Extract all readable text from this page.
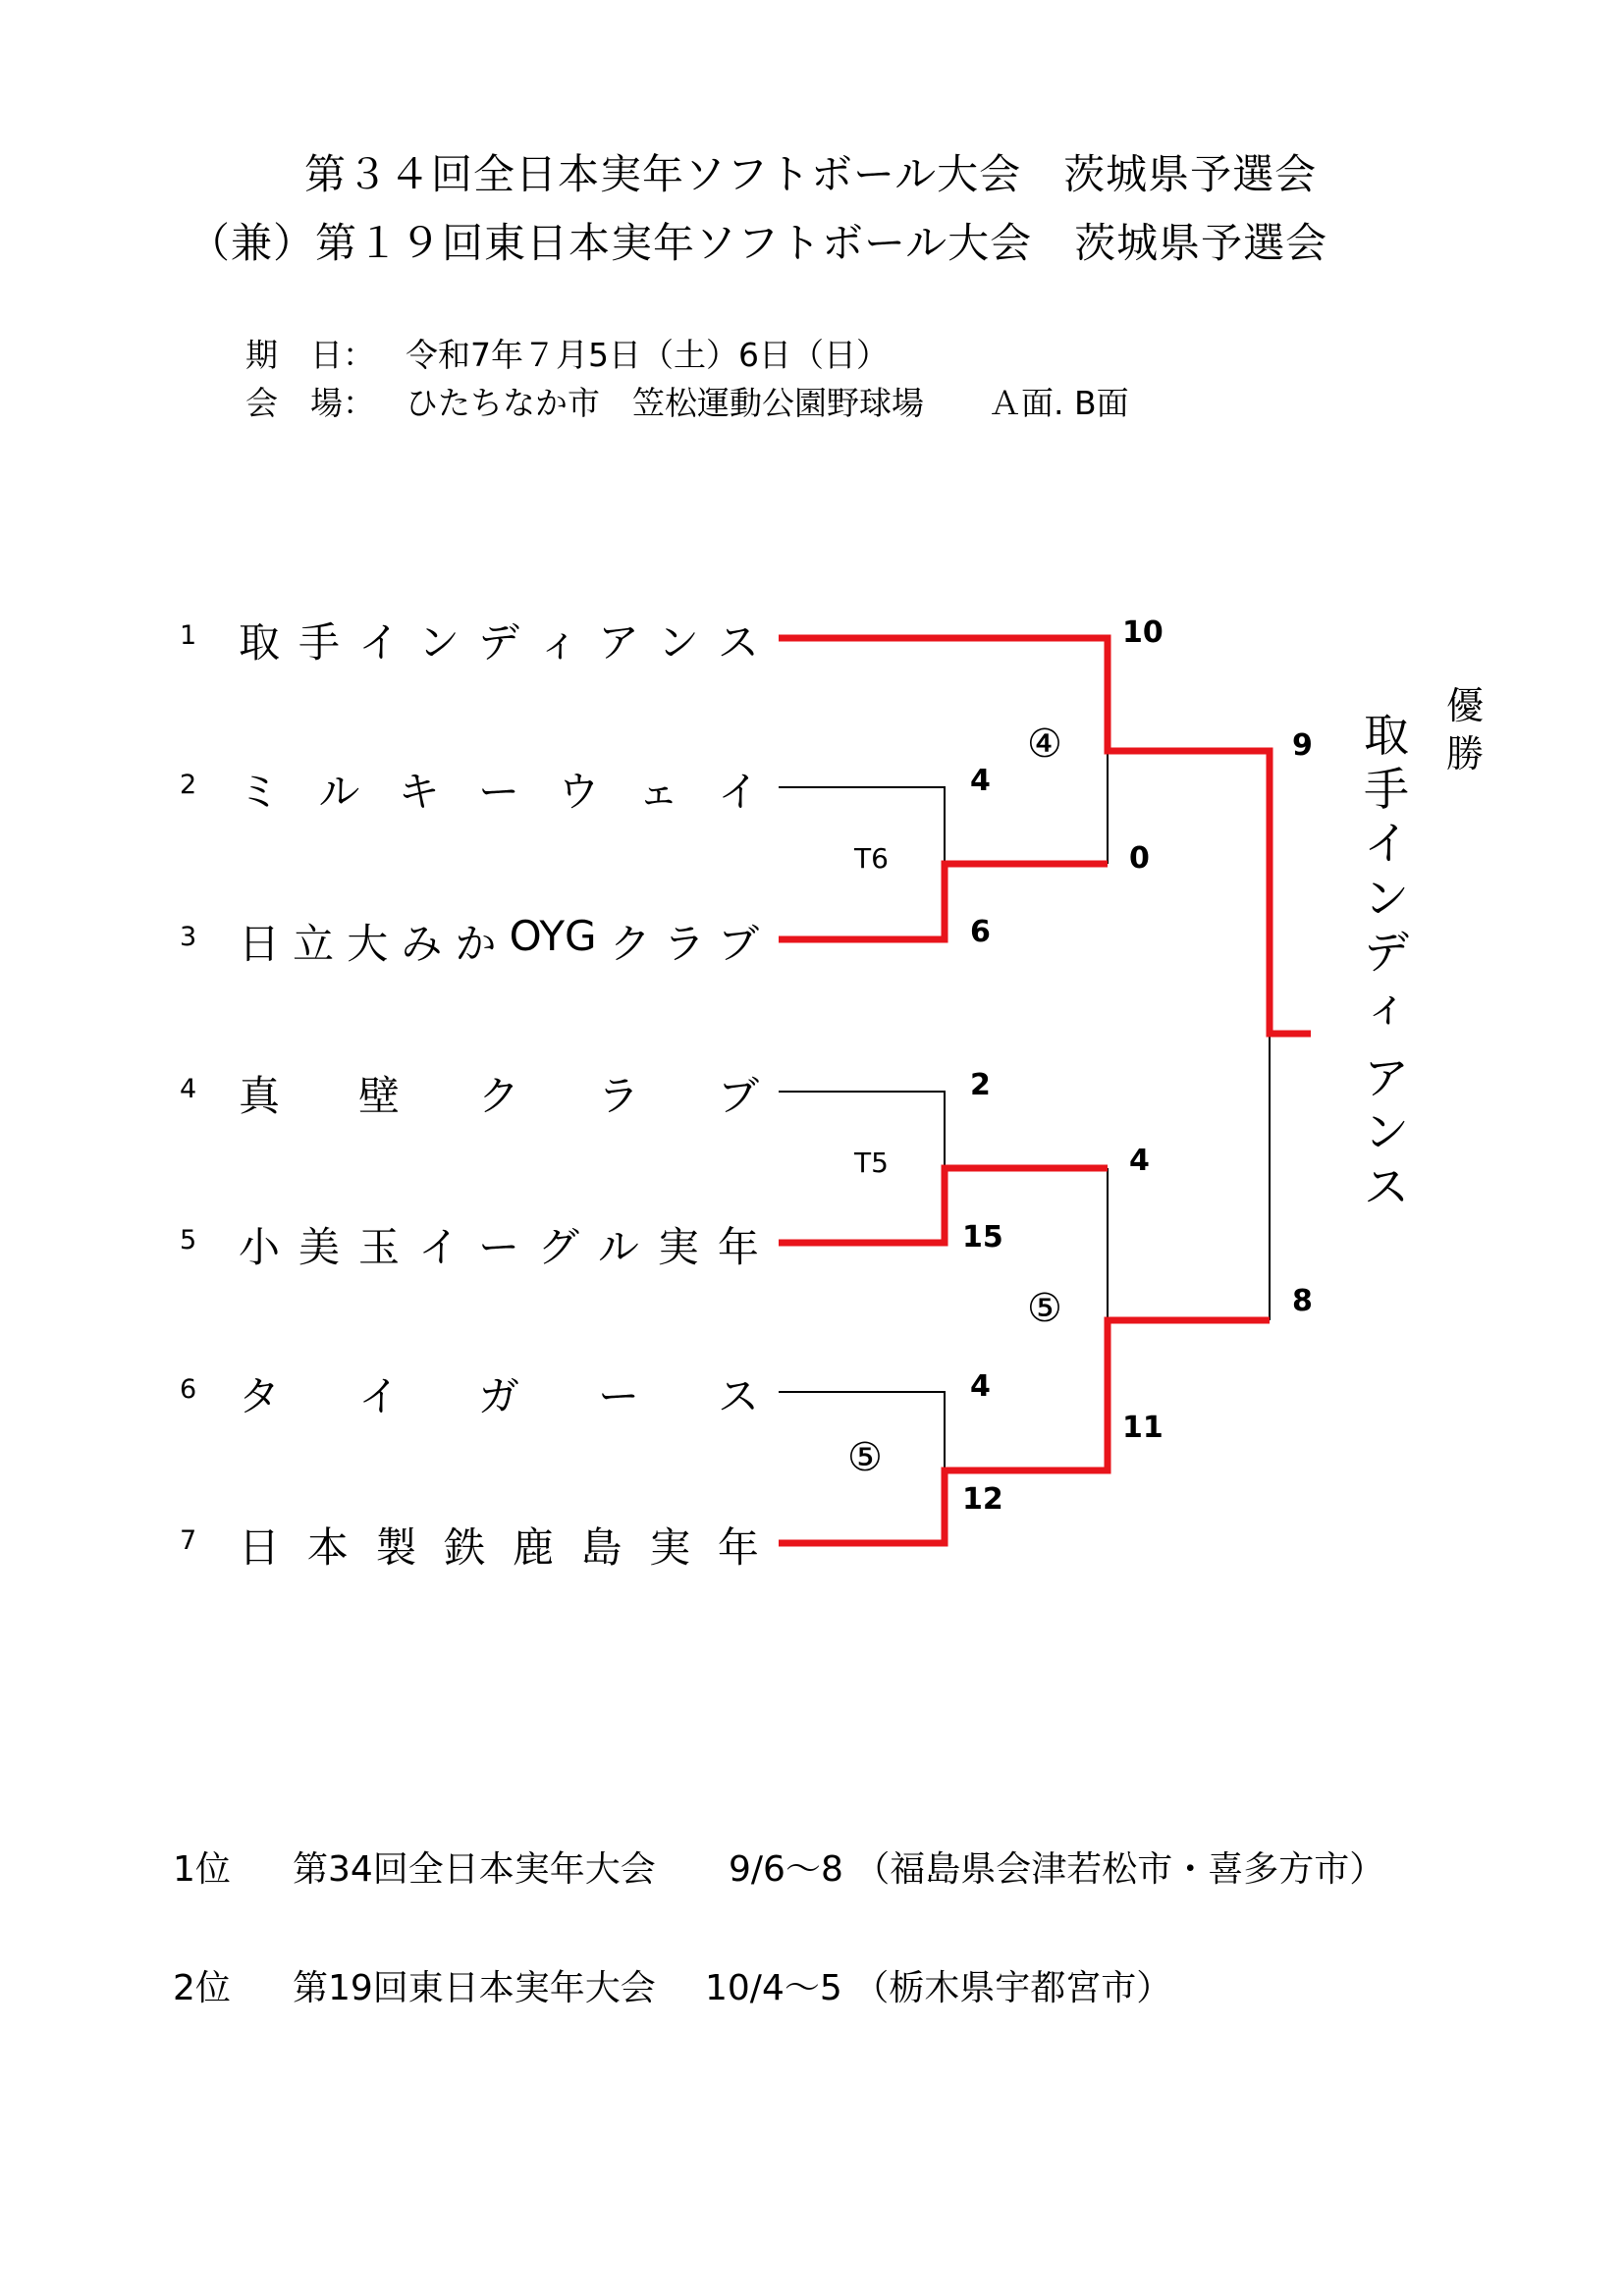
第３４回全日本実年ソフトボール大会　茨城県予選会
（兼）第１９回東日本実年ソフトボール大会　茨城県予選会
期　日： 令和7年７月5日（土）6日（日）
会　場： ひたちなか市　笠松運動公園野球場　　Ａ面. B面
1 取 手 イ ン デ ィ ア ン ス
2 ミ ル キ ー ウ ェ イ
3 日 立 大 み か OYG ク ラ ブ
4 真 壁 ク ラ ブ
5 小 美 玉 イ ー グ ル 実 年
6 タ イ ガ ー ス
7 日 本 製 鉄 鹿 島 実 年
4
6
2
15
4
12
10
0
4
11
9
8
T6
T5
⑤
④
⑤
優
勝
取
手
イ
ン
デ
ィ
ア
ン
ス
1位 第34回全日本実年大会 9/6～8 （福島県会津若松市・喜多方市）
2位 第19回東日本実年大会 10/4～5 （栃木県宇都宮市）
